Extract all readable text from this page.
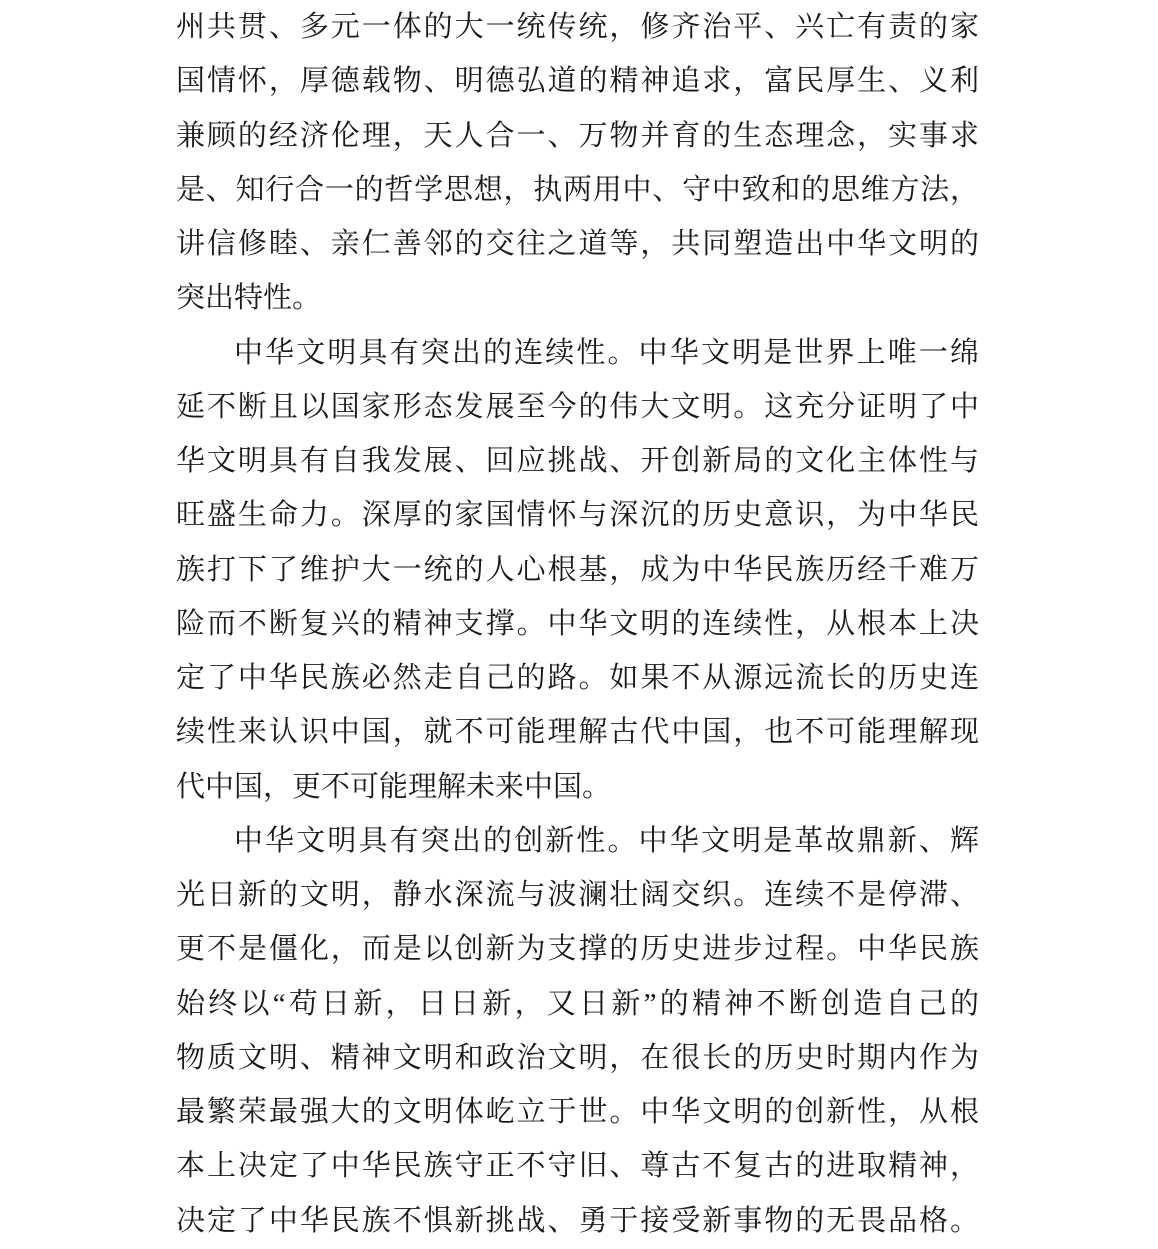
州共贯、多元一体的大一统传统，修齐治平、兴亡有责的家
国情怀，厚德载物、明德弘道的精神追求，富民厚生、义利
兼顾的经济伦理，天人合一、万物并育的生态理念，实事求
是、知行合一的哲学思想，执两用中、守中致和的思维方法，
讲信修睦、亲仁善邻的交往之道等，共同塑造出中华文明的
突出特性。
中华文明具有突出的连续性。中华文明是世界上唯一绵
延不断且以国家形态发展至今的伟大文明。这充分证明了中
华文明具有自我发展、回应挑战、开创新局的文化主体性与
旺盛生命力。深厚的家国情怀与深沉的历史意识，为中华民
族打下了维护大一统的人心根基，成为中华民族历经千难万
险而不断复兴的精神支撑。中华文明的连续性，从根本上决
定了中华民族必然走自己的路。如果不从源远流长的历史连
续性来认识中国，就不可能理解古代中国，也不可能理解现
代中国，更不可能理解未来中国。
中华文明具有突出的创新性。中华文明是革故鼎新、辉
光日新的文明，静水深流与波澜壮阔交织。连续不是停滞、
更不是僵化，而是以创新为支撑的历史进步过程。中华民族
始终以“苟日新，日日新，又日新”的精神不断创造自己的
物质文明、精神文明和政治文明，在很长的历史时期内作为
最繁荣最强大的文明体屹立于世。中华文明的创新性，从根
本上决定了中华民族守正不守旧、尊古不复古的进取精神，
决定了中华民族不惧新挑战、勇于接受新事物的无畏品格。
